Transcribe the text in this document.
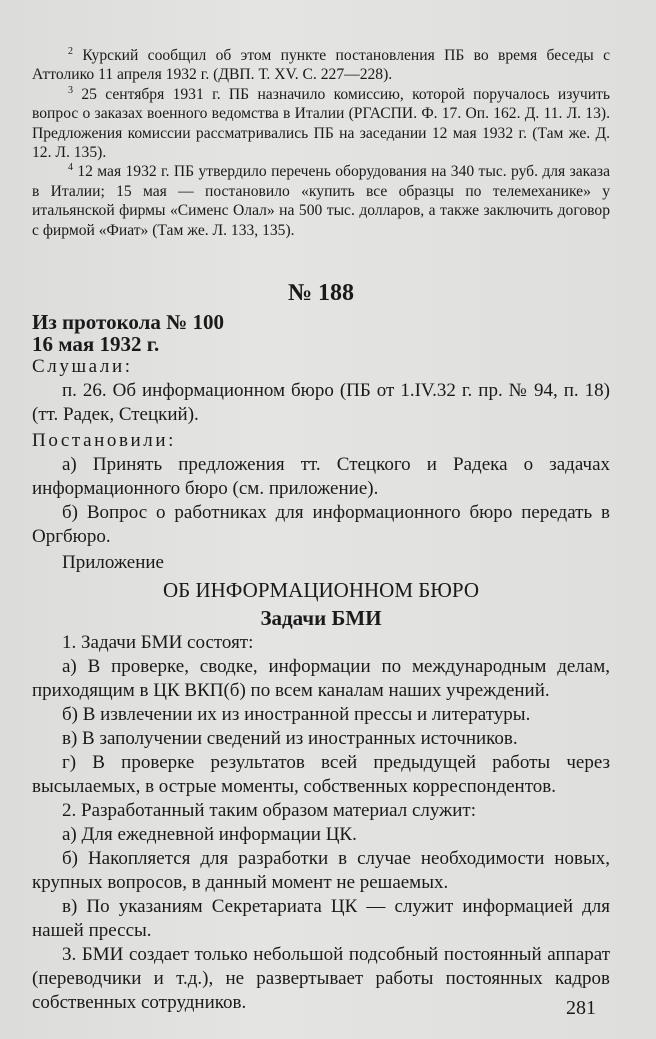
$^2$ Курский сообщил об этом пункте постановления ПБ во время беседы с Аттолико 11 апреля 1932 г. (ДВП. Т. XV. С. 227—228).

$^3$ 25 сентября 1931 г. ПБ назначило комиссию, которой поручалось изучить вопрос о заказах военного ведомства в Италии (РГАСПИ. Ф. 17. Оп. 162. Д. 11. Л. 13). Предложения комиссии рассматривались ПБ на заседании 12 мая 1932 г. (Там же. Д. 12. Л. 135).

$^4$ 12 мая 1932 г. ПБ утвердило перечень оборудования на 340 тыс. руб. для заказа в Италии; 15 мая — постановило «купить все образцы по телемеханике» у итальянской фирмы «Сименс Олал» на 500 тыс. долларов, а также заключить договор с фирмой «Фиат» (Там же. Л. 133, 135).

№ 188
Из протокола № 100
16 мая 1932 г.

Слушали:

п. 26. Об информационном бюро (ПБ от 1.IV.32 г. пр. № 94, п. 18) (тт. Радек, Стецкий).

Постановили:

а) Принять предложения тт. Стецкого и Радека о задачах информационного бюро (см. приложение).

б) Вопрос о работниках для информационного бюро передать в Оргбюро.

Приложение

ОБ ИНФОРМАЦИОННОМ БЮРО

Задачи БМИ

1. Задачи БМИ состоят:

а) В проверке, сводке, информации по международным делам, приходящим в ЦК ВКП(б) по всем каналам наших учреждений.

б) В извлечении их из иностранной прессы и литературы.

в) В заполучении сведений из иностранных источников.

г) В проверке результатов всей предыдущей работы через высылаемых, в острые моменты, собственных корреспондентов.

2. Разработанный таким образом материал служит:

а) Для ежедневной информации ЦК.

б) Накопляется для разработки в случае необходимости новых, крупных вопросов, в данный момент не решаемых.

в) По указаниям Секретариата ЦК — служит информацией для нашей прессы.

3. БМИ создает только небольшой подсобный постоянный аппарат (переводчики и т.д.), не развертывает работы постоянных кадров собственных сотрудников.	281
